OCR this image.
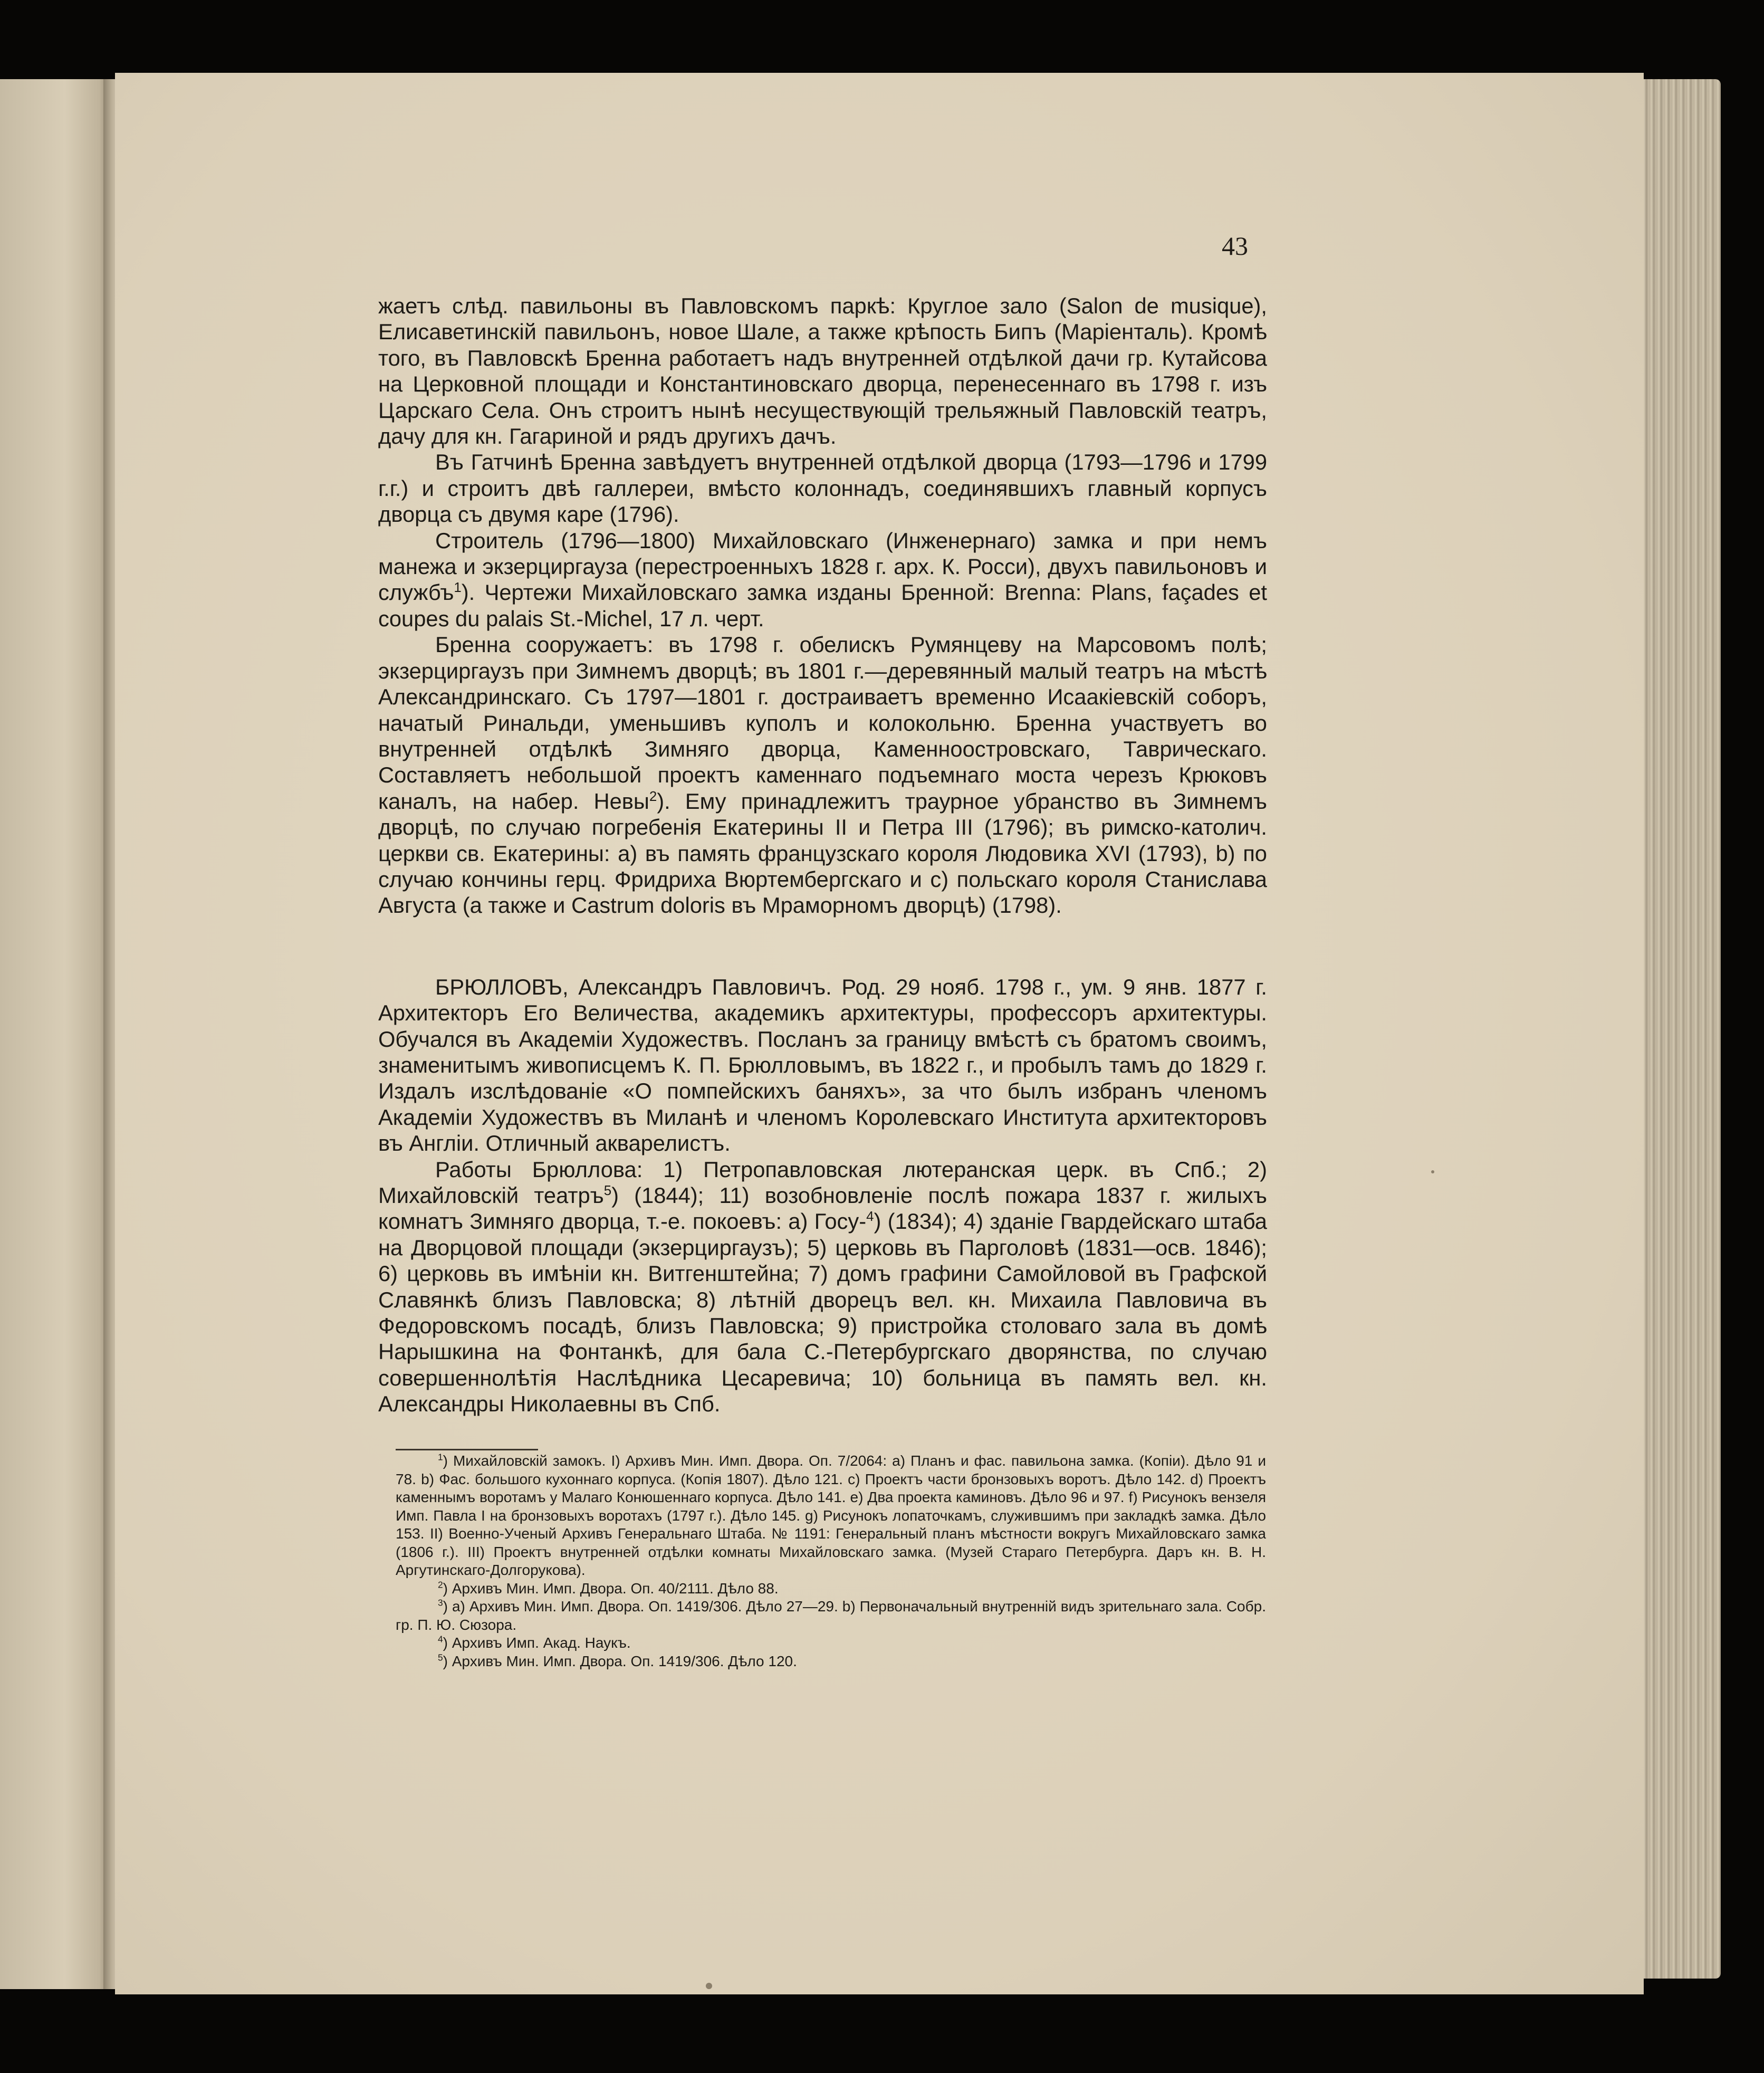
43

жаетъ слѣд. павильоны въ Павловскомъ паркѣ: Круглое зало (Salon de musique), Елисаветинскій павильонъ, новое Шале, а также крѣпость Бипъ (Маріенталь). Кромѣ того, въ Павловскѣ Бренна работаетъ надъ внутренней отдѣлкой дачи гр. Кутайсова на Церковной площади и Константиновскаго дворца, перенесеннаго въ 1798 г. изъ Царскаго Села. Онъ строитъ нынѣ несуществующій трельяжный Павловскій театръ, дачу для кн. Гагариной и рядъ другихъ дачъ.

Въ Гатчинѣ Бренна завѣдуетъ внутренней отдѣлкой дворца (1793—1796 и 1799 г.г.) и строитъ двѣ галлереи, вмѣсто колоннадъ, соединявшихъ главный корпусъ дворца съ двумя каре (1796).

Строитель (1796—1800) Михайловскаго (Инженернаго) замка и при немъ манежа и экзерциргауза (перестроенныхъ 1828 г. арх. К. Росси), двухъ павильоновъ и службъ$^1$). Чертежи Михайловскаго замка изданы Бренной: Brenna: Plans, façades et coupes du palais St.-Michel, 17 л. черт.

Бренна сооружаетъ: въ 1798 г. обелискъ Румянцеву на Марсовомъ полѣ; экзерциргаузъ при Зимнемъ дворцѣ; въ 1801 г.—деревянный малый театръ на мѣстѣ Александринскаго. Съ 1797—1801 г. достраиваетъ временно Исаакіевскій соборъ, начатый Ринальди, уменьшивъ куполъ и колокольню. Бренна участвуетъ во внутренней отдѣлкѣ Зимняго дворца, Каменноостровскаго, Таврическаго. Составляетъ небольшой проектъ каменнаго подъемнаго моста черезъ Крюковъ каналъ, на набер. Невы$^2$). Ему принадлежитъ траурное убранство въ Зимнемъ дворцѣ, по случаю погребенія Екатерины II и Петра III (1796); въ римско-католич. церкви св. Екатерины: а) въ память французскаго короля Людовика XVI (1793), b) по случаю кончины герц. Фридриха Вюртембергскаго и с) польскаго короля Станислава Августа (а также и Castrum doloris въ Мраморномъ дворцѣ) (1798).

БРЮЛЛОВЪ, Александръ Павловичъ. Род. 29 нояб. 1798 г., ум. 9 янв. 1877 г. Архитекторъ Его Величества, академикъ архитектуры, профессоръ архитектуры. Обучался въ Академіи Художествъ. Посланъ за границу вмѣстѣ съ братомъ своимъ, знаменитымъ живописцемъ К. П. Брюлловымъ, въ 1822 г., и пробылъ тамъ до 1829 г. Издалъ изслѣдованіе «О помпейскихъ баняхъ», за что былъ избранъ членомъ Академіи Художествъ въ Миланѣ и членомъ Королевскаго Института архитекторовъ въ Англіи. Отличный акварелистъ.

Работы Брюллова: 1) Петропавловская лютеранская церк. въ Спб.; 2) Михайловскій театръ$^5$) (1844); 11) возобновленіе послѣ пожара 1837 г. жилыхъ комнатъ Зимняго дворца, т.-е. покоевъ: а) Госу-$^4$) (1834); 4) зданіе Гвардейскаго штаба на Дворцовой площади (экзерциргаузъ); 5) церковь въ Парголовѣ (1831—осв. 1846); 6) церковь въ имѣніи кн. Витгенштейна; 7) домъ графини Самойловой въ Графской Славянкѣ близъ Павловска; 8) лѣтній дворецъ вел. кн. Михаила Павловича въ Федоровскомъ посадѣ, близъ Павловска; 9) пристройка столоваго зала въ домѣ Нарышкина на Фонтанкѣ, для бала С.-Петербургскаго дворянства, по случаю совершеннолѣтія Наслѣдника Цесаревича; 10) больница въ память вел. кн. Александры Николаевны въ Спб.

$^1$) Михайловскій замокъ. I) Архивъ Мин. Имп. Двора. Оп. 7/2064: а) Планъ и фас. павильона замка. (Копіи). Дѣло 91 и 78. b) Фас. большого кухоннаго корпуса. (Копія 1807). Дѣло 121. с) Проектъ части бронзовыхъ воротъ. Дѣло 142. d) Проектъ каменнымъ воротамъ у Малаго Конюшеннаго корпуса. Дѣло 141. е) Два проекта каминовъ. Дѣло 96 и 97. f) Рисунокъ вензеля Имп. Павла I на бронзовыхъ воротахъ (1797 г.). Дѣло 145. g) Рисунокъ лопаточкамъ, служившимъ при закладкѣ замка. Дѣло 153. II) Военно-Ученый Архивъ Генеральнаго Штаба. № 1191: Генеральный планъ мѣстности вокругъ Михайловскаго замка (1806 г.). III) Проектъ внутренней отдѣлки комнаты Михайловскаго замка. (Музей Стараго Петербурга. Даръ кн. В. Н. Аргутинскаго-Долгорукова).

$^2$) Архивъ Мин. Имп. Двора. Оп. 40/2111. Дѣло 88.

$^3$) а) Архивъ Мин. Имп. Двора. Оп. 1419/306. Дѣло 27—29. b) Первоначальный внутренній видъ зрительнаго зала. Собр. гр. П. Ю. Сюзора.

$^4$) Архивъ Имп. Акад. Наукъ.

$^5$) Архивъ Мин. Имп. Двора. Оп. 1419/306. Дѣло 120.
